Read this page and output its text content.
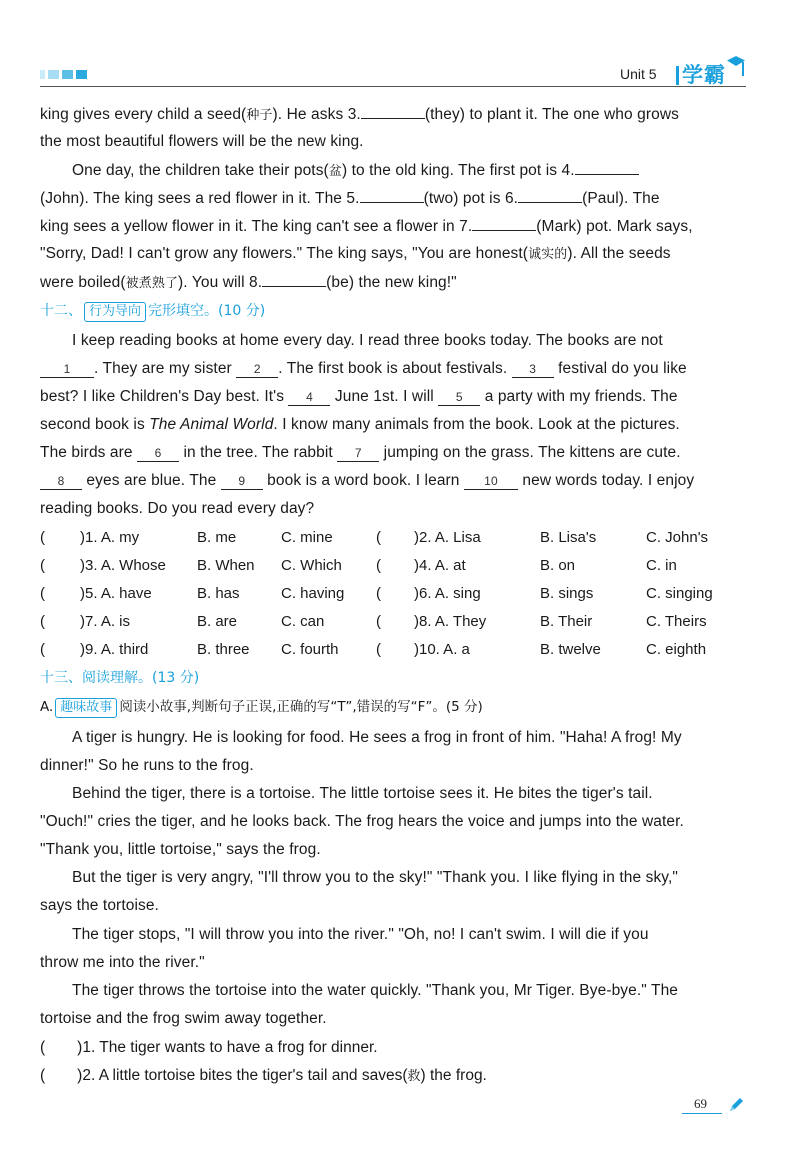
Unit 5 学霸
king gives every child a seed(种子). He asks 3.	(they) to plant it. The one who grows
the most beautiful flowers will be the new king.
One day, the children take their pots(盆) to the old king. The first pot is 4.
(John). The king sees a red flower in it. The 5.	(two) pot is 6.	(Paul). The
king sees a yellow flower in it. The king can't see a flower in 7.	(Mark) pot. Mark says,
"Sorry, Dad! I can't grow any flowers." The king says, "You are honest(诚实的). All the seeds
were boiled(被煮熟了). You will 8.	(be) the new king!"
十二、 行为导向 完形填空。(10 分)
I keep reading books at home every day. I read three books today. The books are not
1 . They are my sister 2 . The first book is about festivals. 3 festival do you like
best? I like Children's Day best. It's 4 June 1st. I will 5 a party with my friends. The
second book is The Animal World. I know many animals from the book. Look at the pictures.
The birds are 6 in the tree. The rabbit 7 jumping on the grass. The kittens are cute.
8 eyes are blue. The 9 book is a word book. I learn 10 new words today. I enjoy
reading books. Do you read every day?
( )1. A. my	B. me	C. mine	( )2. A. Lisa	B. Lisa's	C. John's
( )3. A. Whose B. When C. Which ( )4. A. at	B. on	C. in
( )5. A. have	B. has	C. having ( )6. A. sing	B. sings	C. singing
( )7. A. is	B. are	C. can	( )8. A. They	B. Their	C. Theirs
( )9. A. third	B. three C. fourth ( )10. A. a	B. twelve	C. eighth
十三、阅读理解。(13 分)
A. 趣味故事 阅读小故事,判断句子正误,正确的写“T”,错误的写“F”。(5 分)
A tiger is hungry. He is looking for food. He sees a frog in front of him. "Haha! A frog! My
dinner!" So he runs to the frog.
Behind the tiger, there is a tortoise. The little tortoise sees it. He bites the tiger's tail.
"Ouch!" cries the tiger, and he looks back. The frog hears the voice and jumps into the water.
"Thank you, little tortoise," says the frog.
But the tiger is very angry, "I'll throw you to the sky!" "Thank you. I like flying in the sky,"
says the tortoise.
The tiger stops, "I will throw you into the river." "Oh, no! I can't swim. I will die if you
throw me into the river."
The tiger throws the tortoise into the water quickly. "Thank you, Mr Tiger. Bye-bye." The
tortoise and the frog swim away together.
( )1. The tiger wants to have a frog for dinner.
( )2. A little tortoise bites the tiger's tail and saves(救) the frog.
69
